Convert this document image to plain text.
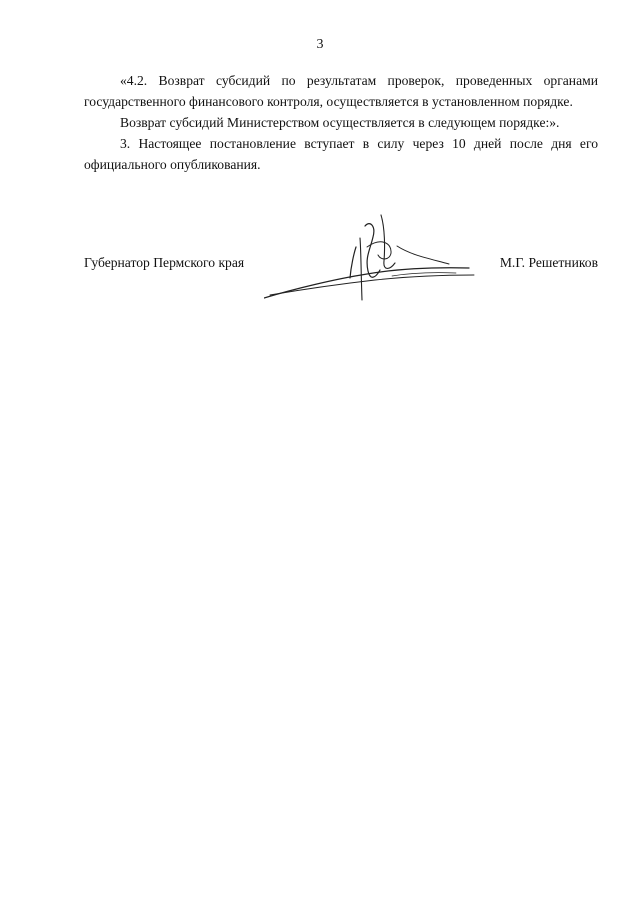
3

«4.2. Возврат субсидий по результатам проверок, проведенных органами государственного финансового контроля, осуществляется в установленном порядке.

Возврат субсидий Министерством осуществляется в следующем порядке:».

3. Настоящее постановление вступает в силу через 10 дней после дня его официального опубликования.

Губернатор Пермского края	М.Г. Решетников
